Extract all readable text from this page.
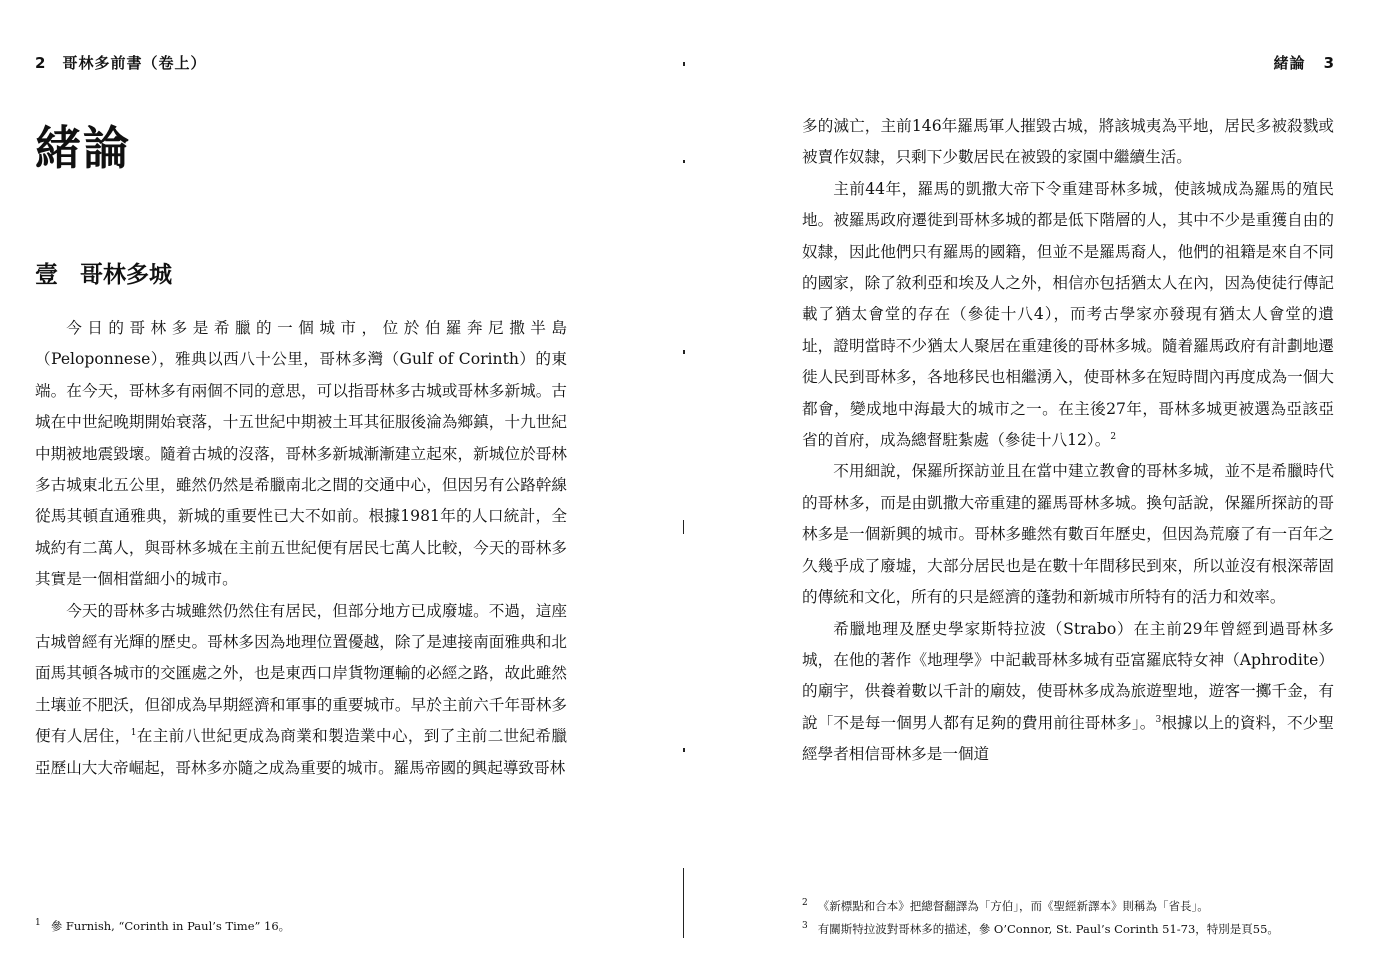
2 哥林多前書（卷上）
緒論
壹 哥林多城

今日的哥林多是希臘的一個城市，位於伯羅奔尼撒半島（Peloponnese），雅典以西八十公里，哥林多灣（Gulf of Corinth）的東端。在今天，哥林多有兩個不同的意思，可以指哥林多古城或哥林多新城。古城在中世紀晚期開始衰落，十五世紀中期被土耳其征服後淪為鄉鎮，十九世紀中期被地震毀壞。隨着古城的沒落，哥林多新城漸漸建立起來，新城位於哥林多古城東北五公里，雖然仍然是希臘南北之間的交通中心，但因另有公路幹線從馬其頓直通雅典，新城的重要性已大不如前。根據1981年的人口統計，全城約有二萬人，與哥林多城在主前五世紀便有居民七萬人比較，今天的哥林多其實是一個相當細小的城市。

今天的哥林多古城雖然仍然住有居民，但部分地方已成廢墟。不過，這座古城曾經有光輝的歷史。哥林多因為地理位置優越，除了是連接南面雅典和北面馬其頓各城市的交匯處之外，也是東西口岸貨物運輸的必經之路，故此雖然土壤並不肥沃，但卻成為早期經濟和軍事的重要城市。早於主前六千年哥林多便有人居住，$^1$在主前八世紀更成為商業和製造業中心，到了主前二世紀希臘亞歷山大大帝崛起，哥林多亦隨之成為重要的城市。羅馬帝國的興起導致哥林

$^1$ 參 Furnish, “Corinth in Paul’s Time” 16。
緒論 3

多的滅亡，主前146年羅馬軍人摧毀古城，將該城夷為平地，居民多被殺戮或被賣作奴隸，只剩下少數居民在被毀的家園中繼續生活。

主前44年，羅馬的凱撒大帝下令重建哥林多城，使該城成為羅馬的殖民地。被羅馬政府遷徙到哥林多城的都是低下階層的人，其中不少是重獲自由的奴隸，因此他們只有羅馬的國籍，但並不是羅馬裔人，他們的祖籍是來自不同的國家，除了敘利亞和埃及人之外，相信亦包括猶太人在內，因為使徒行傳記載了猶太會堂的存在（參徒十八4），而考古學家亦發現有猶太人會堂的遺址，證明當時不少猶太人聚居在重建後的哥林多城。隨着羅馬政府有計劃地遷徙人民到哥林多，各地移民也相繼湧入，使哥林多在短時間內再度成為一個大都會，變成地中海最大的城市之一。在主後27年，哥林多城更被選為亞該亞省的首府，成為總督駐紮處（參徒十八12）。$^2$

不用細說，保羅所探訪並且在當中建立教會的哥林多城，並不是希臘時代的哥林多，而是由凱撒大帝重建的羅馬哥林多城。換句話說，保羅所探訪的哥林多是一個新興的城市。哥林多雖然有數百年歷史，但因為荒廢了有一百年之久幾乎成了廢墟，大部分居民也是在數十年間移民到來，所以並沒有根深蒂固的傳統和文化，所有的只是經濟的蓬勃和新城市所特有的活力和效率。

希臘地理及歷史學家斯特拉波（Strabo）在主前29年曾經到過哥林多城，在他的著作《地理學》中記載哥林多城有亞富羅底特女神（Aphrodite）的廟宇，供養着數以千計的廟妓，使哥林多成為旅遊聖地，遊客一擲千金，有說「不是每一個男人都有足夠的費用前往哥林多」。$^3$根據以上的資料，不少聖經學者相信哥林多是一個道

$^2$ 《新標點和合本》把總督翻譯為「方伯」，而《聖經新譯本》則稱為「省長」。
$^3$ 有關斯特拉波對哥林多的描述，參 O’Connor, St. Paul’s Corinth 51-73，特別是頁55。
